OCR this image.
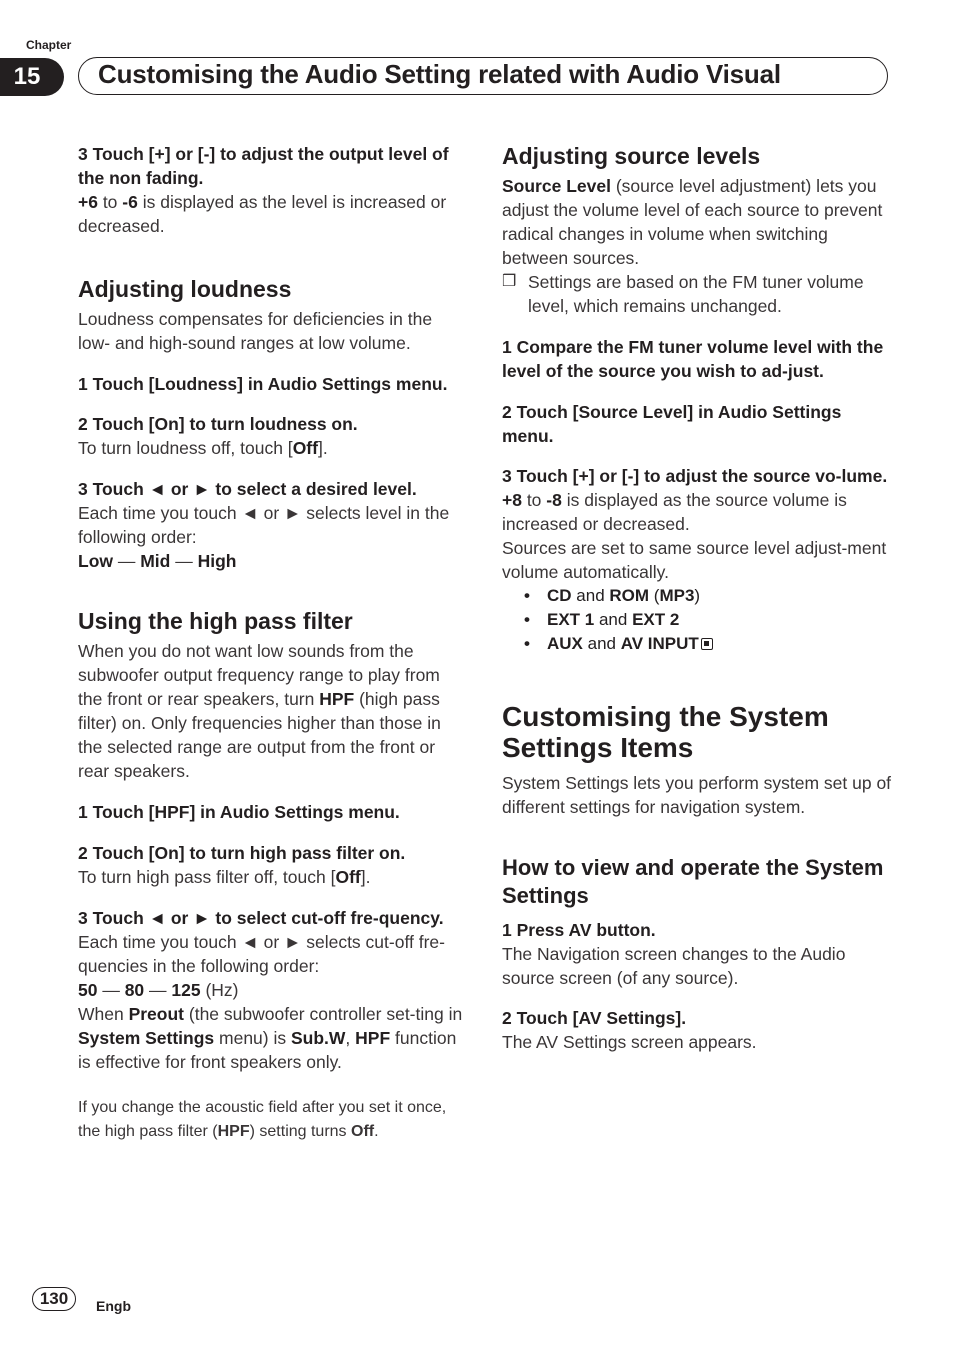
Chapter
15	Customising the Audio Setting related with Audio Visual

3 Touch [+] or [-] to adjust the output level of the non fading.

+6 to -6 is displayed as the level is increased or decreased.

Adjusting loudness

Loudness compensates for deficiencies in the low- and high-sound ranges at low volume.

1 Touch [Loudness] in Audio Settings menu.

2 Touch [On] to turn loudness on.

To turn loudness off, touch [Off].

3 Touch ◄ or ► to select a desired level.

Each time you touch ◄ or ► selects level in the following order:

Low — Mid — High

Using the high pass filter

When you do not want low sounds from the subwoofer output frequency range to play from the front or rear speakers, turn HPF (high pass filter) on. Only frequencies higher than those in the selected range are output from the front or rear speakers.

1 Touch [HPF] in Audio Settings menu.

2 Touch [On] to turn high pass filter on.

To turn high pass filter off, touch [Off].

3 Touch ◄ or ► to select cut-off fre-quency.

Each time you touch ◄ or ► selects cut-off fre-quencies in the following order:

50 — 80 — 125 (Hz)

When Preout (the subwoofer controller set-ting in System Settings menu) is Sub.W, HPF function is effective for front speakers only.

If you change the acoustic field after you set it once, the high pass filter (HPF) setting turns Off.

Adjusting source levels

Source Level (source level adjustment) lets you adjust the volume level of each source to prevent radical changes in volume when switching between sources.

❒ Settings are based on the FM tuner volume level, which remains unchanged.

1 Compare the FM tuner volume level with the level of the source you wish to ad-just.

2 Touch [Source Level] in Audio Settings menu.

3 Touch [+] or [-] to adjust the source vo-lume.

+8 to -8 is displayed as the source volume is increased or decreased.

Sources are set to same source level adjust-ment volume automatically.

• CD and ROM (MP3)
• EXT 1 and EXT 2
• AUX and AV INPUT
Customising the System Settings Items

System Settings lets you perform system set up of different settings for navigation system.

How to view and operate the System Settings

1 Press AV button.

The Navigation screen changes to the Audio source screen (of any source).

2 Touch [AV Settings].

The AV Settings screen appears.

130	Engb
